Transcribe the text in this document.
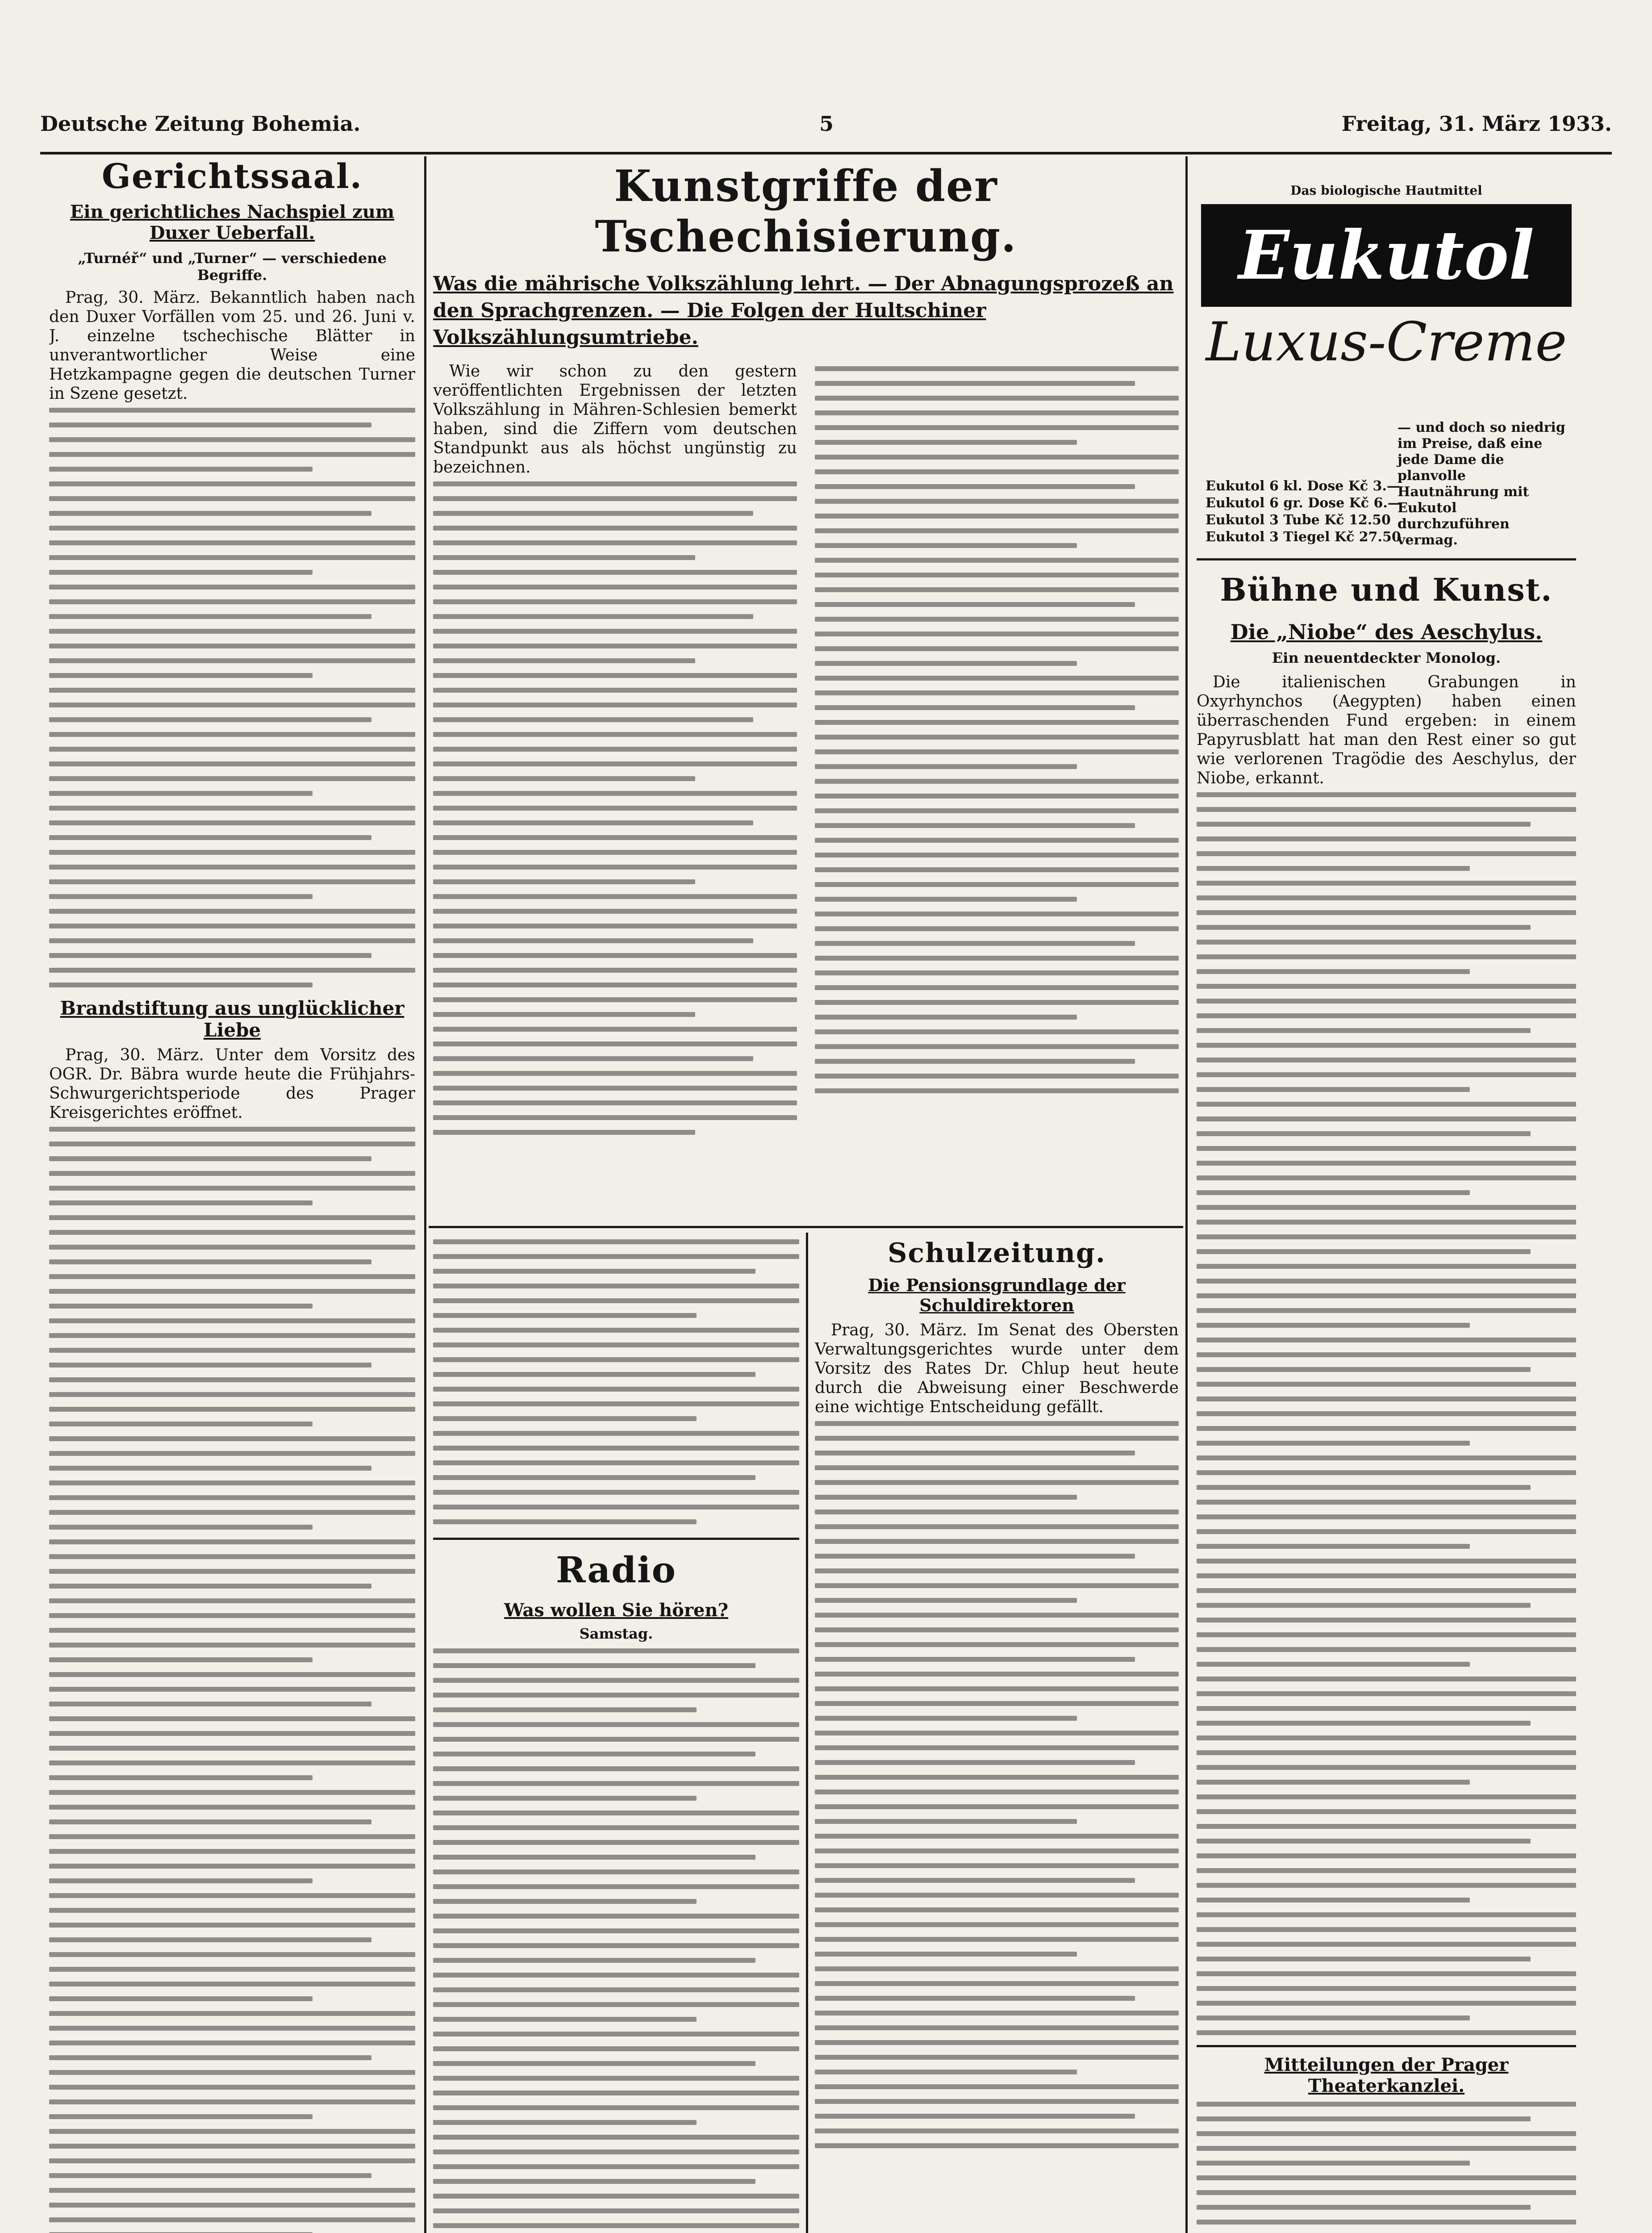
Deutsche Zeitung Bohemia.	5	Freitag, 31. März 1933.
Gerichtssaal.
Ein gerichtliches Nachspiel zum Duxer Ueberfall.
„Turnéř“ und „Turner“ — verschiedene Begriffe.

Prag, 30. März. Bekanntlich haben nach den Duxer Vorfällen vom 25. und 26. Juni v. J. einzelne tschechische Blätter in unverantwortlicher Weise eine Hetzkampagne gegen die deutschen Turner in Szene gesetzt.

Brandstiftung aus unglücklicher Liebe

Prag, 30. März. Unter dem Vorsitz des OGR. Dr. Bäbra wurde heute die Frühjahrs-Schwurgerichtsperiode des Prager Kreisgerichtes eröffnet.

Kunstgriffe der Tschechisierung.
Was die mährische Volkszählung lehrt. — Der Abnagungsprozeß an den Sprachgrenzen. — Die Folgen der Hultschiner Volkszählungsumtriebe.

Wie wir schon zu den gestern veröffentlichten Ergebnissen der letzten Volkszählung in Mähren-Schlesien bemerkt haben, sind die Ziffern vom deutschen Standpunkt aus als höchst ungünstig zu bezeichnen.

Radio
Was wollen Sie hören?
Samstag.
Schulzeitung.
Die Pensionsgrundlage der Schuldirektoren

Prag, 30. März. Im Senat des Obersten Verwaltungsgerichtes wurde unter dem Vorsitz des Rates Dr. Chlup heut heute durch die Abweisung einer Beschwerde eine wichtige Entscheidung gefällt.

Das biologische Hautmittel
Eukutol
Luxus-Creme
— und doch so niedrig im Preise, daß eine jede Dame die planvolle Hautnährung mit Eukutol durchzuführen vermag.
Eukutol 6 kl. Dose Kč 3.—
Eukutol 6 gr. Dose Kč 6.—
Eukutol 3 Tube Kč 12.50
Eukutol 3 Tiegel Kč 27.50
Bühne und Kunst.
Die „Niobe“ des Aeschylus.
Ein neuentdeckter Monolog.

Die italienischen Grabungen in Oxyrhynchos (Aegypten) haben einen überraschenden Fund ergeben: in einem Papyrusblatt hat man den Rest einer so gut wie verlorenen Tragödie des Aeschylus, der Niobe, erkannt.

Mitteilungen der Prager Theaterkanzlei.
